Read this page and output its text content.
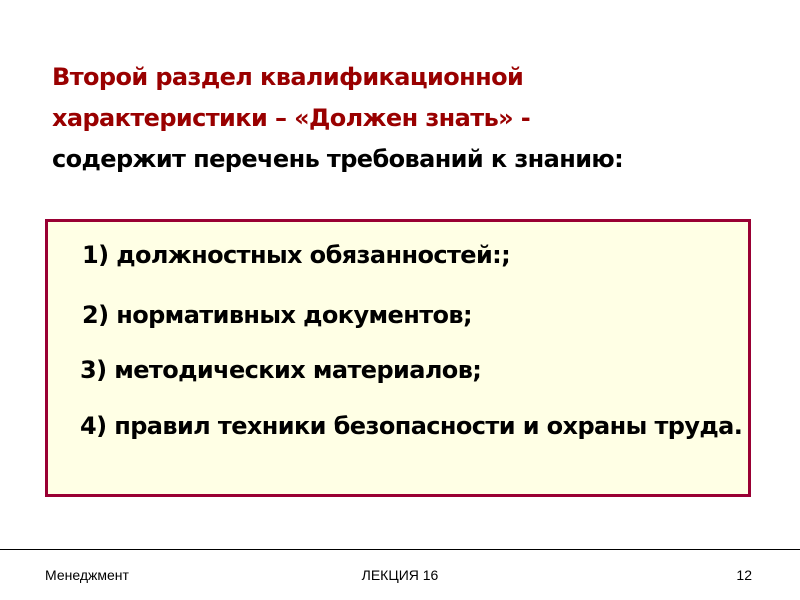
Второй раздел квалификационной
характеристики – «Должен знать» -
содержит перечень требований к знанию:
1) должностных обязанностей:;
2) нормативных документов;
3) методических материалов;
4) правил техники безопасности и охраны труда.
Менеджмент	ЛЕКЦИЯ 16	12
